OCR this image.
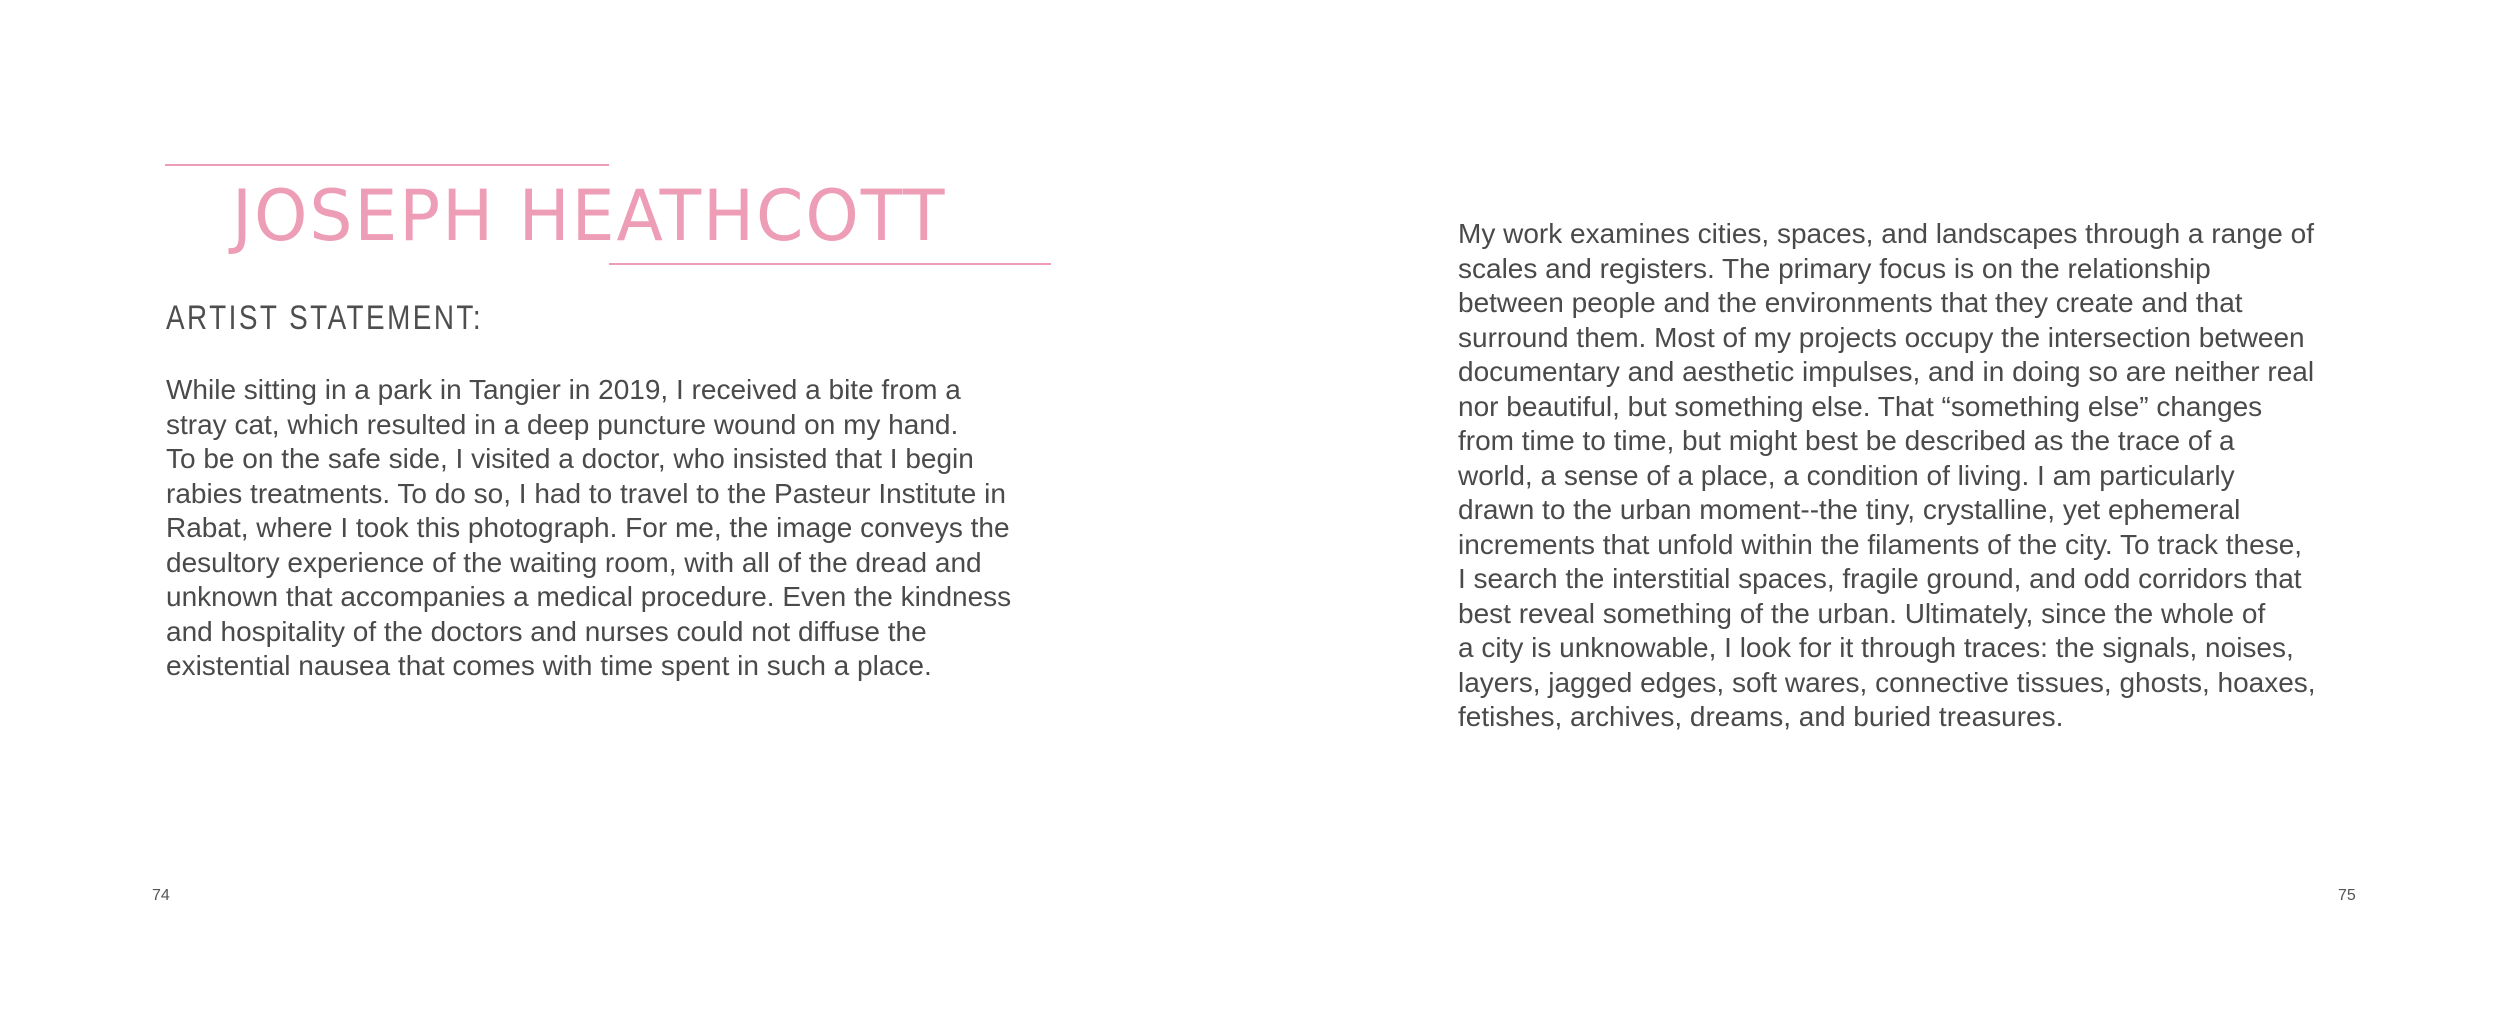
JOSEPH HEATHCOTT
ARTIST STATEMENT:

While sitting in a park in Tangier in 2019, I received a bite from a
stray cat, which resulted in a deep puncture wound on my hand.
To be on the safe side, I visited a doctor, who insisted that I begin
rabies treatments. To do so, I had to travel to the Pasteur Institute in
Rabat, where I took this photograph. For me, the image conveys the
desultory experience of the waiting room, with all of the dread and
unknown that accompanies a medical procedure. Even the kindness
and hospitality of the doctors and nurses could not diffuse the
existential nausea that comes with time spent in such a place.

74

My work examines cities, spaces, and landscapes through a range of
scales and registers. The primary focus is on the relationship
between people and the environments that they create and that
surround them. Most of my projects occupy the intersection between
documentary and aesthetic impulses, and in doing so are neither real
nor beautiful, but something else. That “something else” changes
from time to time, but might best be described as the trace of a
world, a sense of a place, a condition of living. I am particularly
drawn to the urban moment--the tiny, crystalline, yet ephemeral
increments that unfold within the filaments of the city. To track these,
I search the interstitial spaces, fragile ground, and odd corridors that
best reveal something of the urban. Ultimately, since the whole of
a city is unknowable, I look for it through traces: the signals, noises,
layers, jagged edges, soft wares, connective tissues, ghosts, hoaxes,
fetishes, archives, dreams, and buried treasures.

75
